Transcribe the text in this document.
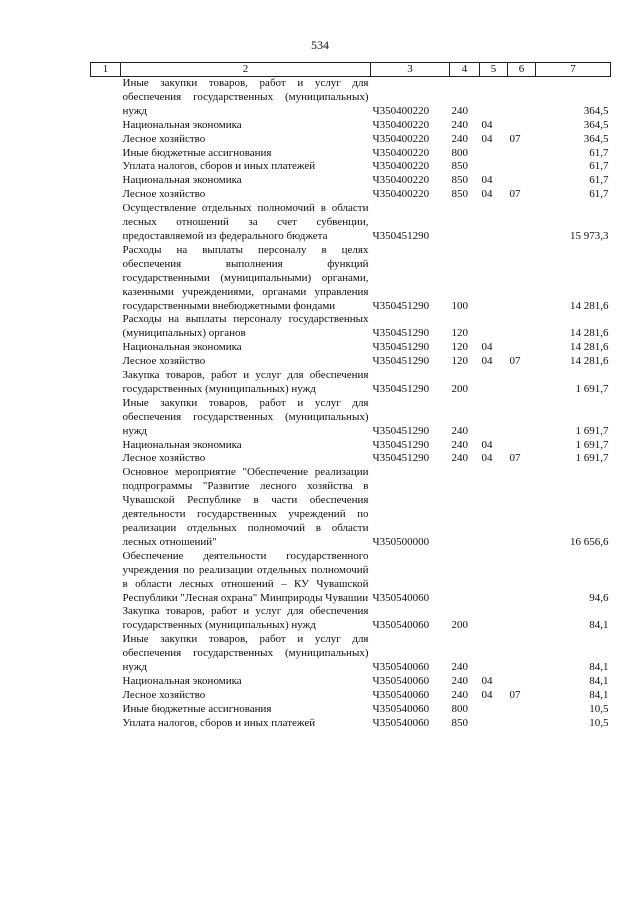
534
1	2	3	4	5	6	7
	Иные закупки товаров, работ и услуг для обеспечения государственных (муниципальных) нужд	Ч350400220	240			364,5
	Национальная экономика	Ч350400220	240	04		364,5
	Лесное хозяйство	Ч350400220	240	04	07	364,5
	Иные бюджетные ассигнования	Ч350400220	800			61,7
	Уплата налогов, сборов и иных платежей	Ч350400220	850			61,7
	Национальная экономика	Ч350400220	850	04		61,7
	Лесное хозяйство	Ч350400220	850	04	07	61,7
	Осуществление отдельных полномочий в области лесных отношений за счет субвенции, предоставляемой из федерального бюджета	Ч350451290				15 973,3
	Расходы на выплаты персоналу в целях обеспечения выполнения функций государственными (муниципальными) органами, казенными учреждениями, органами управления государственными внебюджетными фондами	Ч350451290	100			14 281,6
	Расходы на выплаты персоналу государственных (муниципальных) органов	Ч350451290	120			14 281,6
	Национальная экономика	Ч350451290	120	04		14 281,6
	Лесное хозяйство	Ч350451290	120	04	07	14 281,6
	Закупка товаров, работ и услуг для обеспечения государственных (муниципальных) нужд	Ч350451290	200			1 691,7
	Иные закупки товаров, работ и услуг для обеспечения государственных (муниципальных) нужд	Ч350451290	240			1 691,7
	Национальная экономика	Ч350451290	240	04		1 691,7
	Лесное хозяйство	Ч350451290	240	04	07	1 691,7
	Основное мероприятие "Обеспечение реализации подпрограммы "Развитие лесного хозяйства в Чувашской Республике в части обеспечения деятельности государственных учреждений по реализации отдельных полномочий в области лесных отношений"	Ч350500000				16 656,6
	Обеспечение деятельности государственного учреждения по реализации отдельных полномочий в области лесных отношений – КУ Чувашской Республики "Лесная охрана" Минприроды Чувашии	Ч350540060				94,6
	Закупка товаров, работ и услуг для обеспечения государственных (муниципальных) нужд	Ч350540060	200			84,1
	Иные закупки товаров, работ и услуг для обеспечения государственных (муниципальных) нужд	Ч350540060	240			84,1
	Национальная экономика	Ч350540060	240	04		84,1
	Лесное хозяйство	Ч350540060	240	04	07	84,1
	Иные бюджетные ассигнования	Ч350540060	800			10,5
	Уплата налогов, сборов и иных платежей	Ч350540060	850			10,5
